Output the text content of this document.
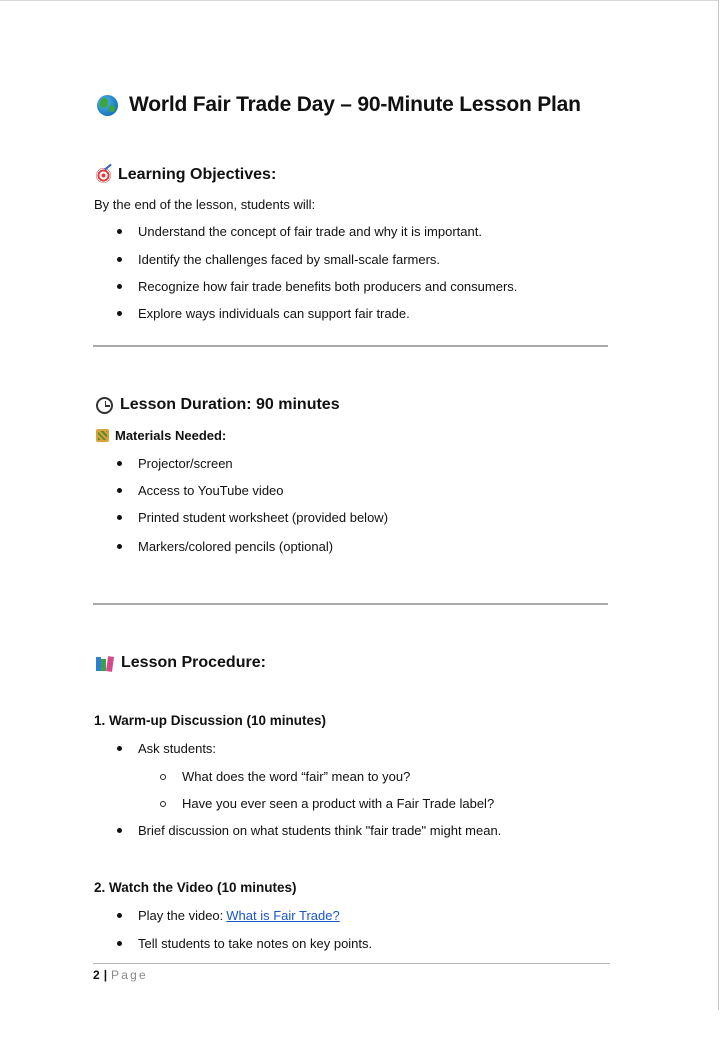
World Fair Trade Day – 90-Minute Lesson Plan
Learning Objectives:
By the end of the lesson, students will:
Understand the concept of fair trade and why it is important.
Identify the challenges faced by small-scale farmers.
Recognize how fair trade benefits both producers and consumers.
Explore ways individuals can support fair trade.
Lesson Duration: 90 minutes
Materials Needed:
Projector/screen
Access to YouTube video
Printed student worksheet (provided below)
Markers/colored pencils (optional)
Lesson Procedure:
1. Warm-up Discussion (10 minutes)
Ask students:
What does the word “fair” mean to you?
Have you ever seen a product with a Fair Trade label?
Brief discussion on what students think "fair trade" might mean.
2. Watch the Video (10 minutes)
Play the video: What is Fair Trade?
Tell students to take notes on key points.
2 | Page
